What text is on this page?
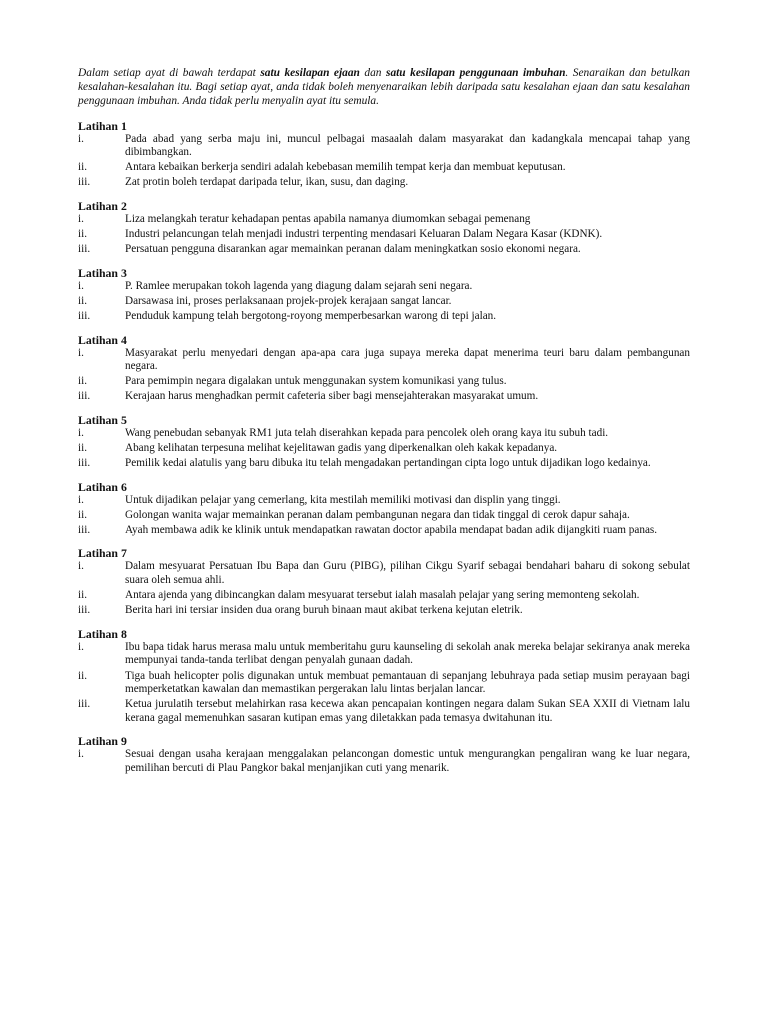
Dalam setiap ayat di bawah terdapat satu kesilapan ejaan dan satu kesilapan penggunaan imbuhan. Senaraikan dan betulkan kesalahan-kesalahan itu. Bagi setiap ayat, anda tidak boleh menyenaraikan lebih daripada satu kesalahan ejaan dan satu kesalahan penggunaan imbuhan. Anda tidak perlu menyalin ayat itu semula.

Latihan 1

i.	Pada abad yang serba maju ini, muncul pelbagai masaalah dalam masyarakat dan kadangkala mencapai tahap yang dibimbangkan.
ii.	Antara kebaikan berkerja sendiri adalah kebebasan memilih tempat kerja dan membuat keputusan.
iii.	Zat protin boleh terdapat daripada telur, ikan, susu, dan daging.

Latihan 2

i.	Liza melangkah teratur kehadapan pentas apabila namanya diumomkan sebagai pemenang
ii.	Industri pelancungan telah menjadi industri terpenting mendasari Keluaran Dalam Negara Kasar (KDNK).
iii.	Persatuan pengguna disarankan agar memainkan peranan dalam meningkatkan sosio ekonomi negara.

Latihan 3

i.	P. Ramlee merupakan tokoh lagenda yang diagung dalam sejarah seni negara.
ii.	Darsawasa ini, proses perlaksanaan projek-projek kerajaan sangat lancar.
iii.	Penduduk kampung telah bergotong-royong memperbesarkan warong di tepi jalan.

Latihan 4

i.	Masyarakat perlu menyedari dengan apa-apa cara juga supaya mereka dapat menerima teuri baru dalam pembangunan negara.
ii.	Para pemimpin negara digalakan untuk menggunakan system komunikasi yang tulus.
iii.	Kerajaan harus menghadkan permit cafeteria siber bagi mensejahterakan masyarakat umum.

Latihan 5

i.	Wang penebudan sebanyak RM1 juta telah diserahkan kepada para pencolek oleh orang kaya itu subuh tadi.
ii.	Abang kelihatan terpesuna melihat kejelitawan gadis yang diperkenalkan oleh kakak kepadanya.
iii.	Pemilik kedai alatulis yang baru dibuka itu telah mengadakan pertandingan cipta logo untuk dijadikan logo kedainya.

Latihan 6

i.	Untuk dijadikan pelajar yang cemerlang, kita mestilah memiliki motivasi dan displin yang tinggi.
ii.	Golongan wanita wajar memainkan peranan dalam pembangunan negara dan tidak tinggal di cerok dapur sahaja.
iii.	Ayah membawa adik ke klinik untuk mendapatkan rawatan doctor apabila mendapat badan adik dijangkiti ruam panas.

Latihan 7

i.	Dalam mesyuarat Persatuan Ibu Bapa dan Guru (PIBG), pilihan Cikgu Syarif sebagai bendahari baharu di sokong sebulat suara oleh semua ahli.
ii.	Antara ajenda yang dibincangkan dalam mesyuarat tersebut ialah masalah pelajar yang sering memonteng sekolah.
iii.	Berita hari ini tersiar insiden dua orang buruh binaan maut akibat terkena kejutan eletrik.

Latihan 8

i.	Ibu bapa tidak harus merasa malu untuk memberitahu guru kaunseling di sekolah anak mereka belajar sekiranya anak mereka mempunyai tanda-tanda terlibat dengan penyalah gunaan dadah.
ii.	Tiga buah helicopter polis digunakan untuk membuat pemantauan di sepanjang lebuhraya pada setiap musim perayaan bagi memperketatkan kawalan dan memastikan pergerakan lalu lintas berjalan lancar.
iii.	Ketua jurulatih tersebut melahirkan rasa kecewa akan pencapaian kontingen negara dalam Sukan SEA XXII di Vietnam lalu kerana gagal memenuhkan sasaran kutipan emas yang diletakkan pada temasya dwitahunan itu.

Latihan 9

i.	Sesuai dengan usaha kerajaan menggalakan pelancongan domestic untuk mengurangkan pengaliran wang ke luar negara, pemilihan bercuti di Plau Pangkor bakal menjanjikan cuti yang menarik.
